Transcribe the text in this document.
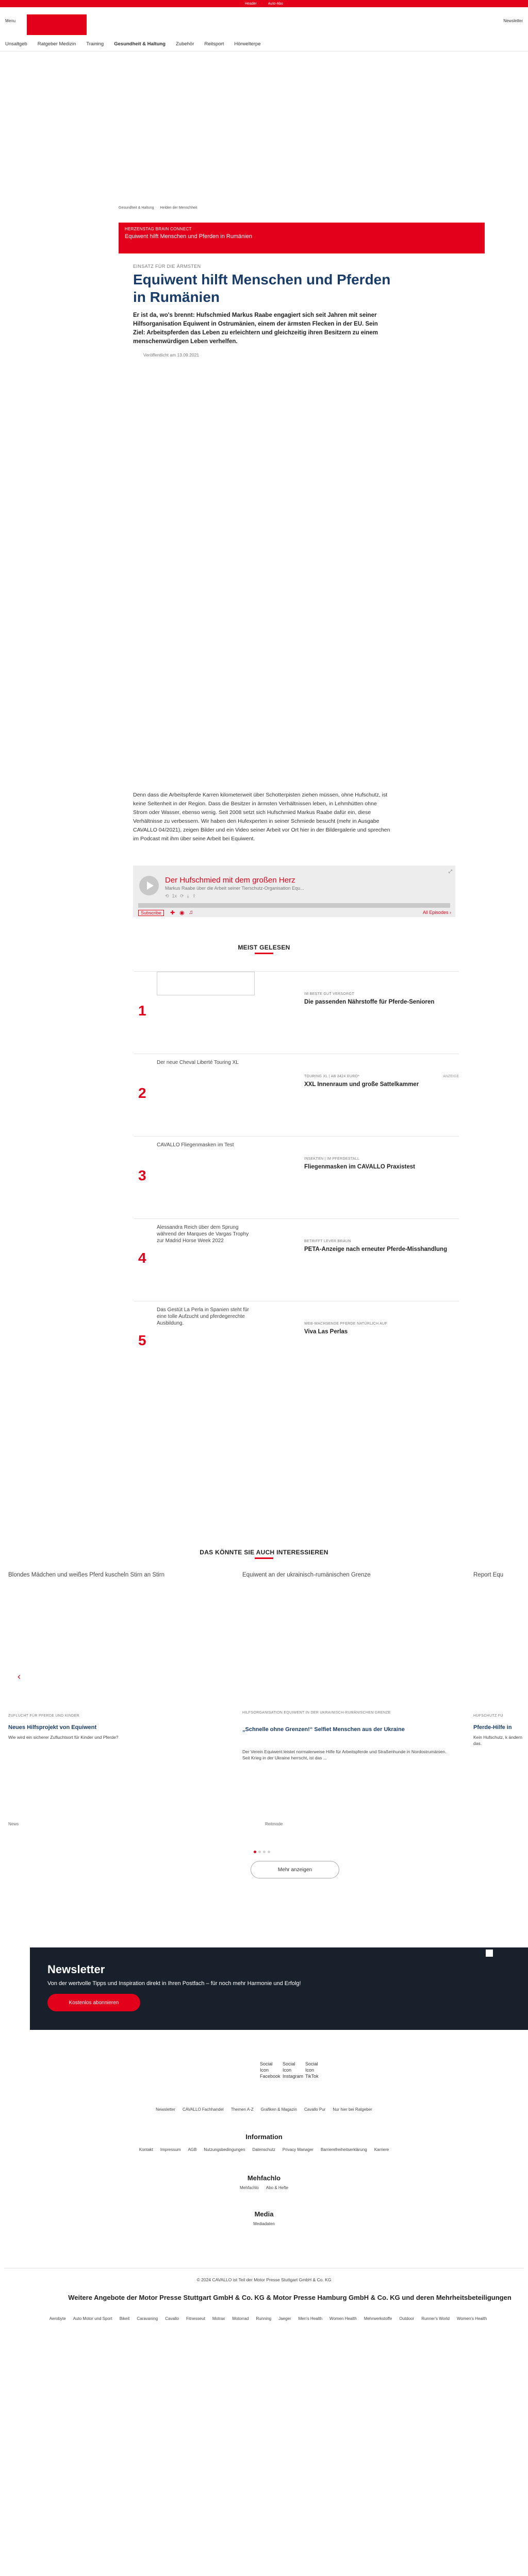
Header	Auto-Abo
Menu	Newsletter
Unsaltgeb Ratgeber Medizin Training Gesundheit & Haltung Zubehör Reitsport Hörwelterpe
Gesundheit & Haltung Helden der Menschheit
HERZENSTAG BRAIN CONNECT
Equiwent hilft Menschen und Pferden in Rumänien
EINSATZ FÜR DIE ÄRMSTEN
Equiwent hilft Menschen und Pferden in Rumänien

Er ist da, wo's brennt: Hufschmied Markus Raabe engagiert sich seit Jahren mit seiner Hilfsorganisation Equiwent in Ostrumänien, einem der ärmsten Flecken in der EU. Sein Ziel: Arbeitspferden das Leben zu erleichtern und gleichzeitig ihren Besitzern zu einem menschenwürdigen Leben verhelfen.

Veröffentlicht am 13.09.2021

Denn dass die Arbeitspferde Karren kilometerweit über Schotterpisten ziehen müssen, ohne Hufschutz, ist keine Seltenheit in der Region. Dass die Besitzer in ärmsten Verhältnissen leben, in Lehmhütten ohne Strom oder Wasser, ebenso wenig. Seit 2008 setzt sich Hufschmied Markus Raabe dafür ein, diese Verhältnisse zu verbessern. Wir haben den Hufexperten in seiner Schmiede besucht (mehr in Ausgabe CAVALLO 04/2021), zeigen Bilder und ein Video seiner Arbeit vor Ort hier in der Bildergalerie und sprechen im Podcast mit ihm über seine Arbeit bei Equiwent.

Der Hufschmied mit dem großen Herz
Markus Raabe über die Arbeit seiner Tierschutz-Organisation Equ...
⟲ 1x ⟳ ⤓ ⇪
⤢
Subscribe	✚ ◉ ♫	All Episodes ›
MEIST GELESEN
1
IM BESTE GUT VERSORGT
Die passenden Nährstoffe für Pferde-Senioren
2
Der neue Cheval Liberté Touring XL
TOURING XL | AB 3424 EURO*	ANZEIGE
XXL Innenraum und große Sattelkammer
3
CAVALLO Fliegenmasken im Test
INSEKTEN | IM PFERDESTALL
Fliegenmasken im CAVALLO Praxistest
4
Alessandra Reich über dem Sprung während der Marques de Vargas Trophy zur Madrid Horse Week 2022	BETRIFFT LEVER BRAUN
PETA-Anzeige nach erneuter Pferde-Misshandlung
5
Das Gestüt La Perla in Spanien steht für eine tolle Aufzucht und pferdegerechte Ausbildung.	WEB-WACHSENDE PFERDE NATÜRLICH AUF
Viva Las Perlas
DAS KÖNNTE SIE AUCH INTERESSIEREN
Blondes Mädchen und weißes Pferd kuscheln Stirn an Stirn	Equiwent an der ukrainisch-rumänischen Grenze	Report Equ
‹
ZUFLUCHT FÜR PFERDE UND KINDER
Neues Hilfsprojekt von Equiwent
Wie wird ein sicherer Zufluchtsort für Kinder und Pferde?
News
HILFSORGANISATION EQUIWENT IN DER UKRAINISCH-RUMÄNISCHEN GRENZE
„Schnelle ohne Grenzen!“ Selfiet Menschen aus der Ukraine
Der Verein Equiwent leistet normalerweise Hilfe für Arbeitspferde und Straßenhunde in Nordostrumänien. Seit Krieg in der Ukraine herrscht, ist das ...
Reitmode
HUFSCHUTZ FÜ
Pferde-Hilfe in
Kein Hufschutz, k ändern das.
Mehr anzeigen
Newsletter
Von der wertvolle Tipps und Inspiration direkt in Ihren Postfach – für noch mehr Harmonie und Erfolg!
Kostenlos abonnieren
Social Icon Facebook
Social Icon Instagram
Social Icon TikTok
Newsletter CAVALLO Fachhandel Themen A-Z Grafiken & Magazin Cavallo Pur Nur hier bei Ratgeber
Information
Kontakt Impressum AGB Nutzungsbedingungen Datenschutz Privacy Manager Barrierefreiheitserklärung Karriere
Mehfachlo
Mehfachlo Abo & Hefte
Media
Mediadaten
© 2024 CAVALLO ist Teil der Motor Presse Stuttgart GmbH & Co. KG
Weitere Angebote der Motor Presse Stuttgart GmbH & Co. KG & Motor Presse Hamburg GmbH & Co. KG und deren Mehrheitsbeteiligungen
Aerobyte Auto Motor und Sport Bikeit Caravaning Cavallo Fitnesseut Motrax Motorrad Running Jaeger Men's Health Women Health Mehrwerkstoffe Outdoor Runner's World Women's Health
